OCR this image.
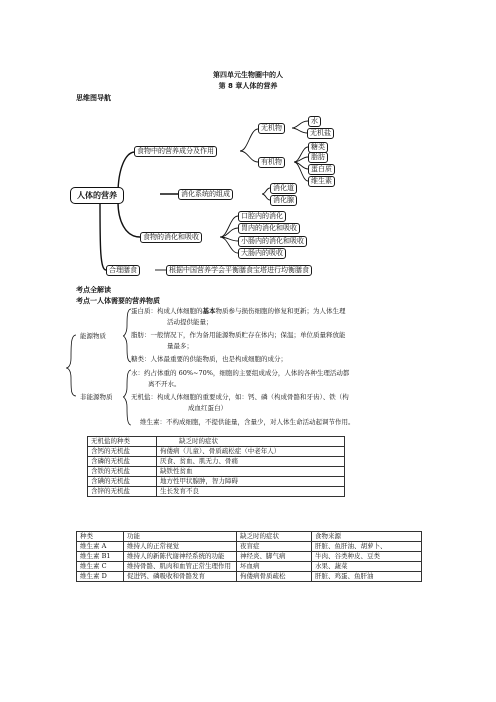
第四单元生物圈中的人
第 8 章人体的营养
思维图导航
人体的营养
食物中的营养成分及作用
无机物
水
无机盐
有机物
糖类
脂肪
蛋白质
维生素
消化系统的组成
消化道
消化腺
食物的消化和吸收
口腔内的消化
胃内的消化和吸收
小肠内的消化和吸收
大肠内的吸收
合理膳食	根据中国营养学会平衡膳食宝塔进行均衡膳食
考点全解读
考点一人体需要的营养物质
能源物质
非能源物质
蛋白质：构成人体细胞的基本物质参与损伤细胞的修复和更新；为人体生理
活动提供能量；
脂肪：一般情况下，作为备用能源物质贮存在体内；保温；单位质量释放能
量最多；
糖类：人体最重要的供能物质，也是构成细胞的成分；
水：约占体重的 60%~70%，细胞的主要组成成分，人体的各种生理活动都
离不开水。
无机盐：构成人体细胞的重要成分，如：钙、磷（构成骨骼和牙齿）、铁（构
成血红蛋白）
维生素：不构成细胞，不提供能量，含量少，对人体生命活动起调节作用。
无机盐的种类	缺乏时的症状
含钙的无机盐	佝偻病（儿童）、骨质疏松症（中老年人）
含磷的无机盐	厌食、贫血、肌无力、骨痛
含铁的无机盐	缺铁性贫血
含碘的无机盐	地方性甲状腺肿，智力障碍
含锌的无机盐	生长发育不良
种类	功能	缺乏时的症状	食物来源
维生素 A	维持人的正常视觉	夜盲症	肝脏、鱼肝油、胡萝卜、
维生素 B1	维持人的新陈代谢神经系统的功能	神经炎、脚气病	牛肉、谷类种皮、豆类
维生素 C	维持骨骼、肌肉和血管正常生理作用	坏血病	水果、蔬菜
维生素 D	促进钙、磷吸收和骨骼发育	佝偻病骨质疏松	肝脏、鸡蛋、鱼肝油
